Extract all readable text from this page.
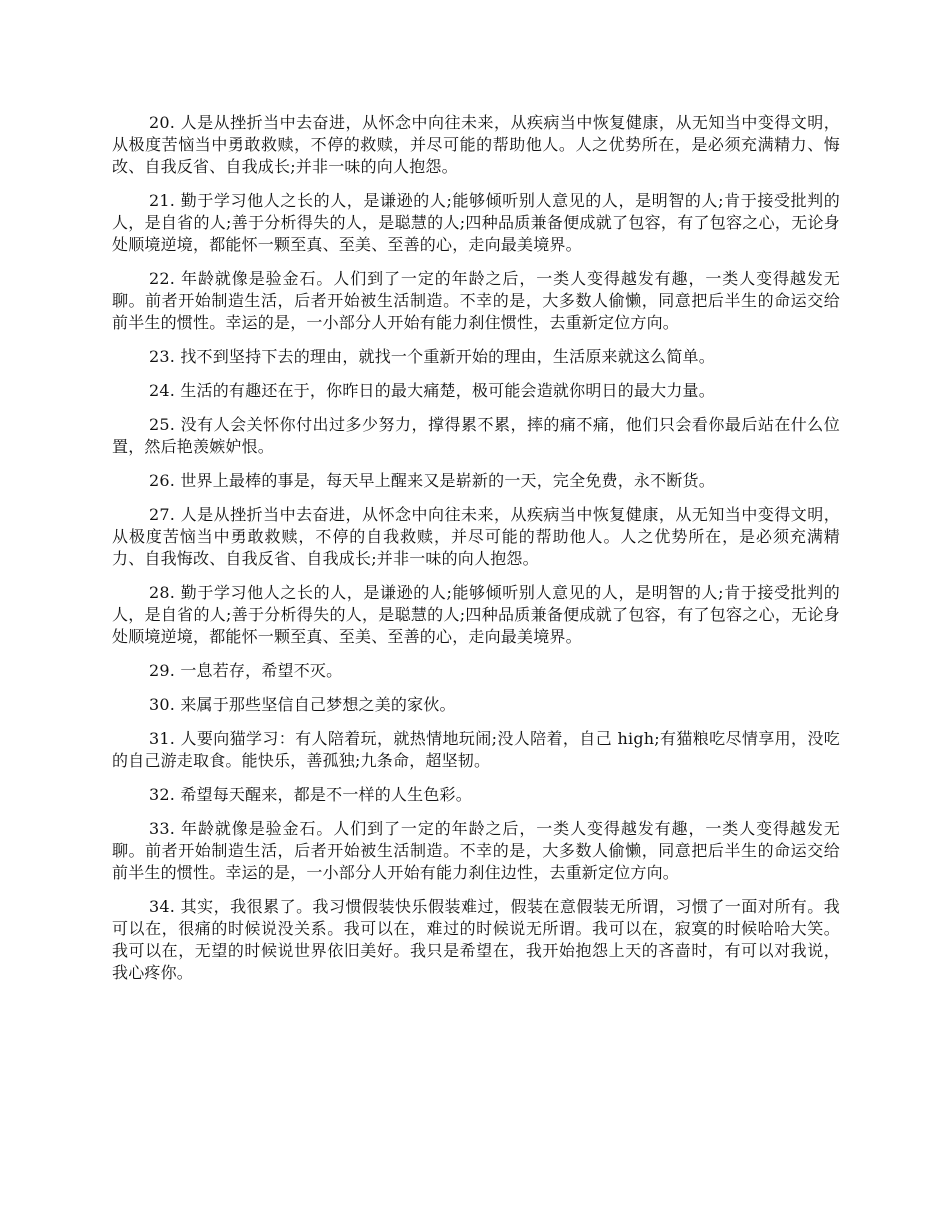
20. 人是从挫折当中去奋进，从怀念中向往未来，从疾病当中恢复健康，从无知当中变得文明，从极度苦恼当中勇敢救赎，不停的救赎，并尽可能的帮助他人。人之优势所在，是必须充满精力、悔改、自我反省、自我成长;并非一味的向人抱怨。

21. 勤于学习他人之长的人，是谦逊的人;能够倾听别人意见的人，是明智的人;肯于接受批判的人，是自省的人;善于分析得失的人，是聪慧的人;四种品质兼备便成就了包容，有了包容之心，无论身处顺境逆境，都能怀一颗至真、至美、至善的心，走向最美境界。

22. 年龄就像是验金石。人们到了一定的年龄之后，一类人变得越发有趣，一类人变得越发无聊。前者开始制造生活，后者开始被生活制造。不幸的是，大多数人偷懒，同意把后半生的命运交给前半生的惯性。幸运的是，一小部分人开始有能力刹住惯性，去重新定位方向。

23. 找不到坚持下去的理由，就找一个重新开始的理由，生活原来就这么简单。

24. 生活的有趣还在于，你昨日的最大痛楚，极可能会造就你明日的最大力量。

25. 没有人会关怀你付出过多少努力，撑得累不累，摔的痛不痛，他们只会看你最后站在什么位置，然后艳羡嫉妒恨。

26. 世界上最棒的事是，每天早上醒来又是崭新的一天，完全免费，永不断货。

27. 人是从挫折当中去奋进，从怀念中向往未来，从疾病当中恢复健康，从无知当中变得文明，从极度苦恼当中勇敢救赎，不停的自我救赎，并尽可能的帮助他人。人之优势所在，是必须充满精力、自我悔改、自我反省、自我成长;并非一味的向人抱怨。

28. 勤于学习他人之长的人，是谦逊的人;能够倾听别人意见的人，是明智的人;肯于接受批判的人，是自省的人;善于分析得失的人，是聪慧的人;四种品质兼备便成就了包容，有了包容之心，无论身处顺境逆境，都能怀一颗至真、至美、至善的心，走向最美境界。

29. 一息若存，希望不灭。

30. 来属于那些坚信自己梦想之美的家伙。

31. 人要向猫学习：有人陪着玩，就热情地玩闹;没人陪着，自己 high;有猫粮吃尽情享用，没吃的自己游走取食。能快乐，善孤独;九条命，超坚韧。

32. 希望每天醒来，都是不一样的人生色彩。

33. 年龄就像是验金石。人们到了一定的年龄之后，一类人变得越发有趣，一类人变得越发无聊。前者开始制造生活，后者开始被生活制造。不幸的是，大多数人偷懒，同意把后半生的命运交给前半生的惯性。幸运的是，一小部分人开始有能力刹住边性，去重新定位方向。

34. 其实，我很累了。我习惯假装快乐假装难过，假装在意假装无所谓，习惯了一面对所有。我可以在，很痛的时候说没关系。我可以在，难过的时候说无所谓。我可以在，寂寞的时候哈哈大笑。我可以在，无望的时候说世界依旧美好。我只是希望在，我开始抱怨上天的吝啬时，有可以对我说，我心疼你。
